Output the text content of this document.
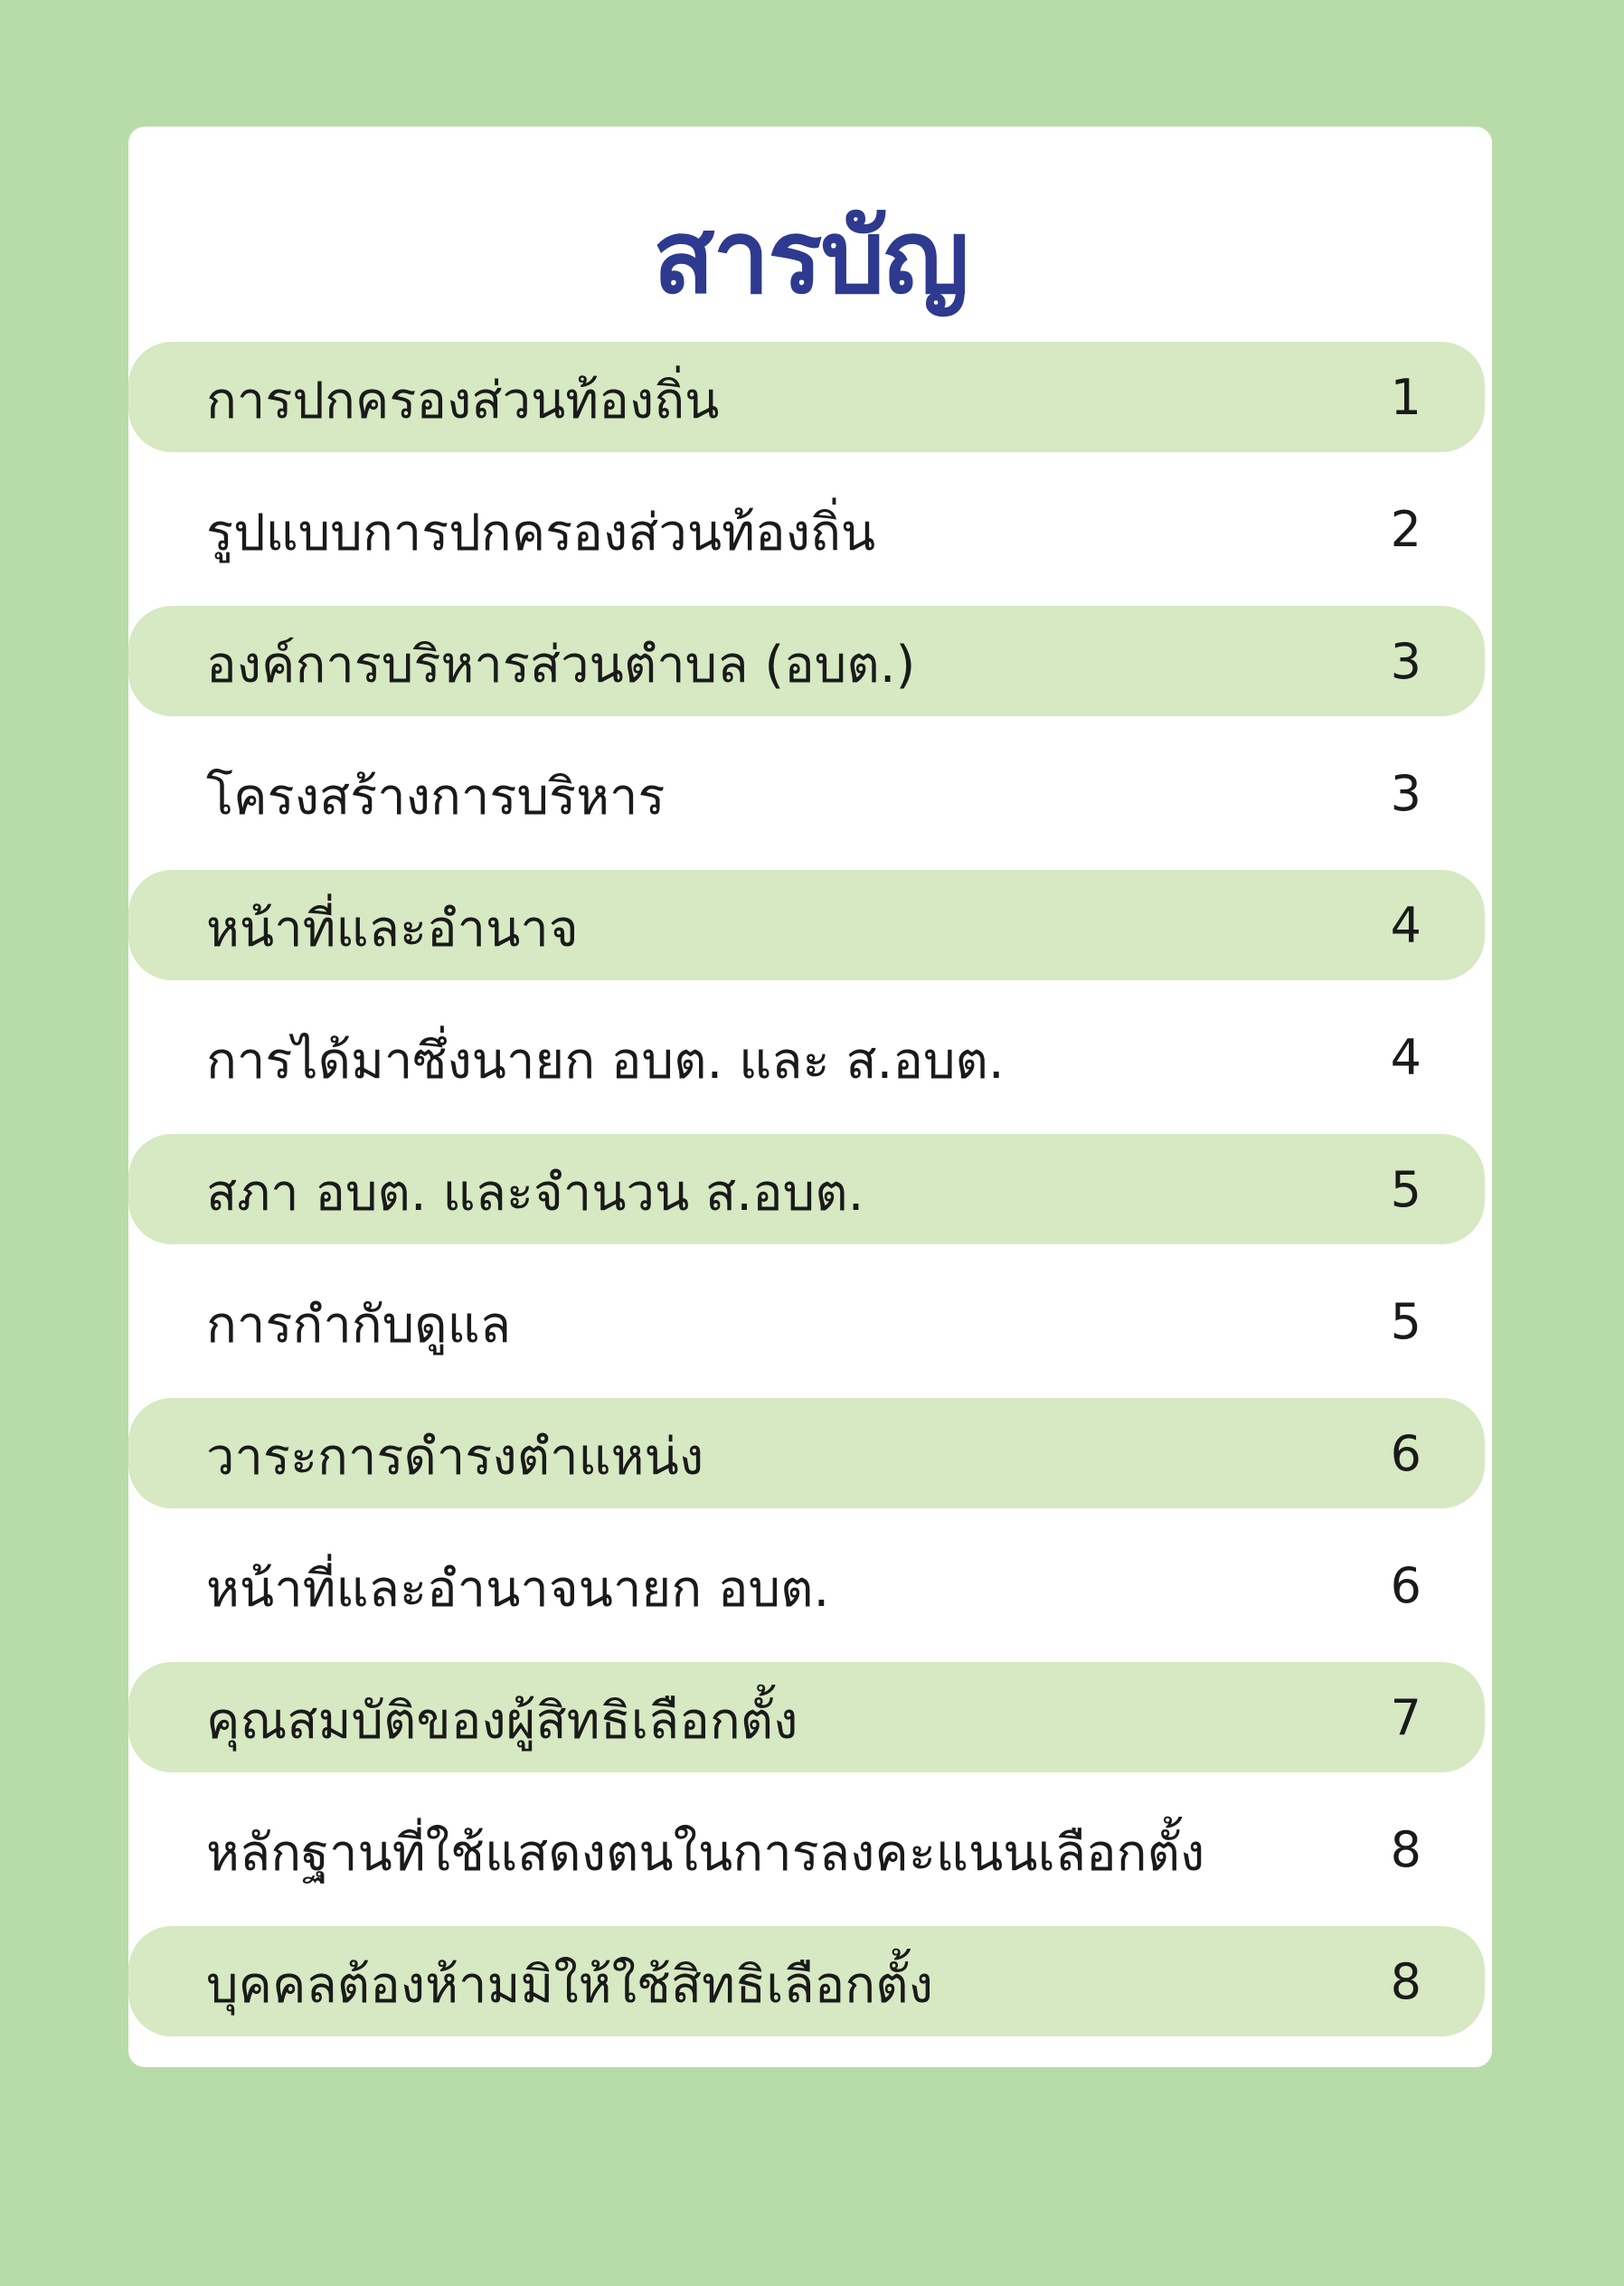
สารบัญ
การปกครองส่วนท้องถิ่น	1
รูปแบบการปกครองส่วนท้องถิ่น	2
องค์การบริหารส่วนตำบล (อบต.)	3
โครงสร้างการบริหาร	3
หน้าที่และอำนาจ	4
การได้มาซึ่งนายก อบต. และ ส.อบต.	4
สภา อบต. และจำนวน ส.อบต.	5
การกำกับดูแล	5
วาระการดำรงตำแหน่ง	6
หน้าที่และอำนาจนายก อบต.	6
คุณสมบัติของผู้สิทธิเลือกตั้ง	7
หลักฐานที่ใช้แสดงตนในการลงคะแนนเลือกตั้ง	8
บุคคลต้องห้ามมิให้ใช้สิทธิเลือกตั้ง	8
